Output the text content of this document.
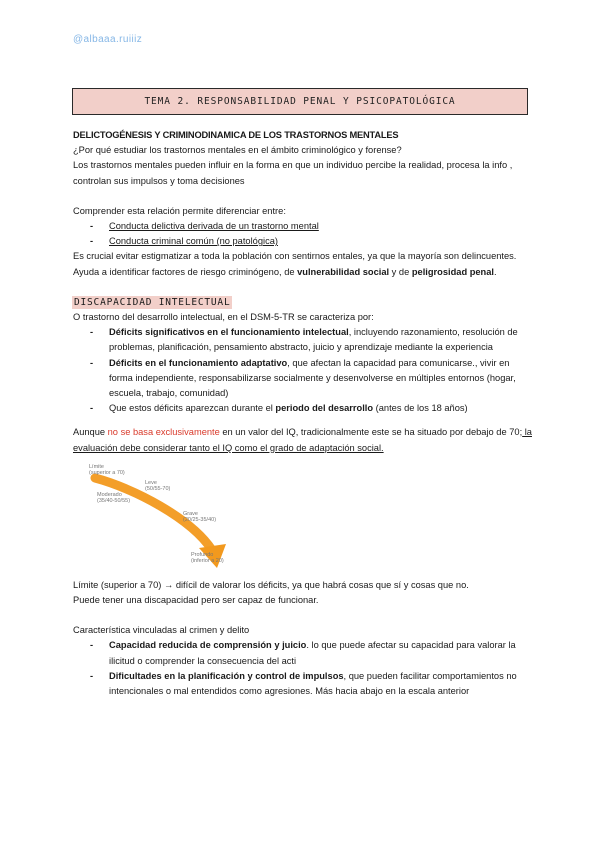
@albaaa.ruiiiz
TEMA 2. RESPONSABILIDAD PENAL Y PSICOPATOLÓGICA

DELICTOGÉNESIS Y CRIMINODINAMICA DE LOS TRASTORNOS MENTALES

¿Por qué estudiar los trastornos mentales en el ámbito criminológico y forense?

Los trastornos mentales pueden influir en la forma en que un individuo percibe la realidad, procesa la info , controlan sus impulsos y toma decisiones

Comprender esta relación permite diferenciar entre:

- Conducta delictiva derivada de un trastorno mental
- Conducta criminal común (no patológica)

Es crucial evitar estigmatizar a toda la población con sentirnos entales, ya que la mayoría son delincuentes.

Ayuda a identificar factores de riesgo criminógeno, de vulnerabilidad social y de peligrosidad penal.

DISCAPACIDAD INTELECTUAL

O trastorno del desarrollo intelectual, en el DSM-5-TR se caracteriza por:

- Déficits significativos en el funcionamiento intelectual, incluyendo razonamiento, resolución de problemas, planificación, pensamiento abstracto, juicio y aprendizaje mediante la experiencia
- Déficits en el funcionamiento adaptativo, que afectan la capacidad para comunicarse., vivir en forma independiente, responsabilizarse socialmente y desenvolverse en múltiples entornos (hogar, escuela, trabajo, comunidad)
- Que estos déficits aparezcan durante el periodo del desarrollo (antes de los 18 años)

Aunque no se basa exclusivamente en un valor del IQ, tradicionalmente este se ha situado por debajo de 70; la evaluación debe considerar tanto el IQ como el grado de adaptación social.

Límite
(superior a 70)
Leve
(50/55-70)
Moderado
(35/40-50/55)
Grave
(20/25-35/40)
Profundo
(inferior a 20)

Límite (superior a 70) → difícil de valorar los déficits, ya que habrá cosas que sí y cosas que no.

Puede tener una discapacidad pero ser capaz de funcionar.

Característica vinculadas al crimen y delito

- Capacidad reducida de comprensión y juicio. lo que puede afectar su capacidad para valorar la ilicitud o comprender la consecuencia del acti
- Dificultades en la planificación y control de impulsos, que pueden facilitar comportamientos no intencionales o mal entendidos como agresiones. Más hacia abajo en la escala anterior
